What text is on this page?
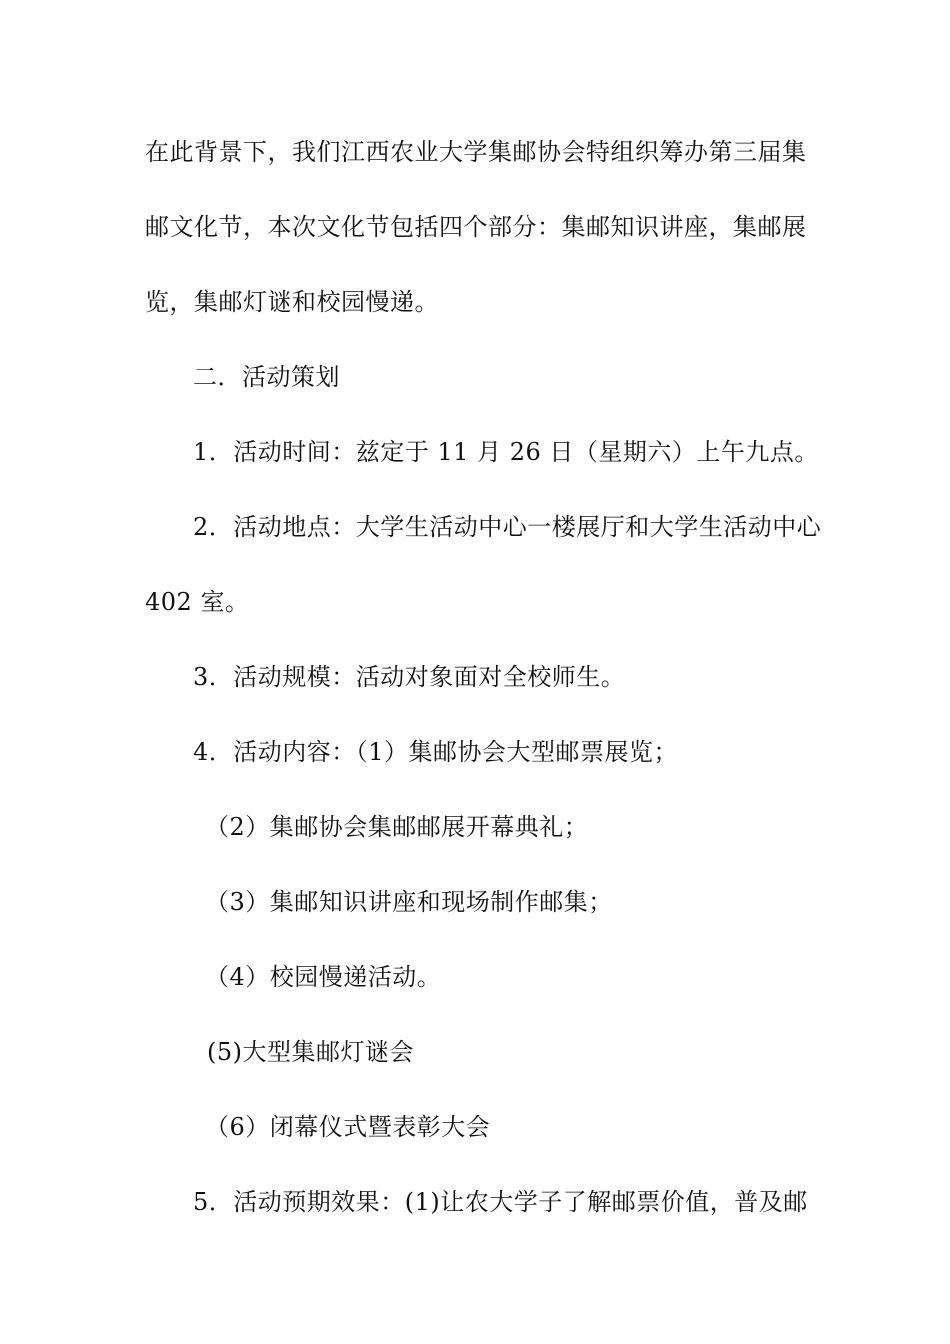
在此背景下，我们江西农业大学集邮协会特组织筹办第三届集
邮文化节，本次文化节包括四个部分：集邮知识讲座，集邮展
览，集邮灯谜和校园慢递。
二．活动策划
1．活动时间：兹定于 11 月 26 日（星期六）上午九点。
2．活动地点：大学生活动中心一楼展厅和大学生活动中心
402 室。
3．活动规模：活动对象面对全校师生。
4．活动内容：（1）集邮协会大型邮票展览；
（2）集邮协会集邮邮展开幕典礼；
（3）集邮知识讲座和现场制作邮集；
（4）校园慢递活动。
(5)大型集邮灯谜会
（6）闭幕仪式暨表彰大会
5．活动预期效果：(1)让农大学子了解邮票价值，普及邮
